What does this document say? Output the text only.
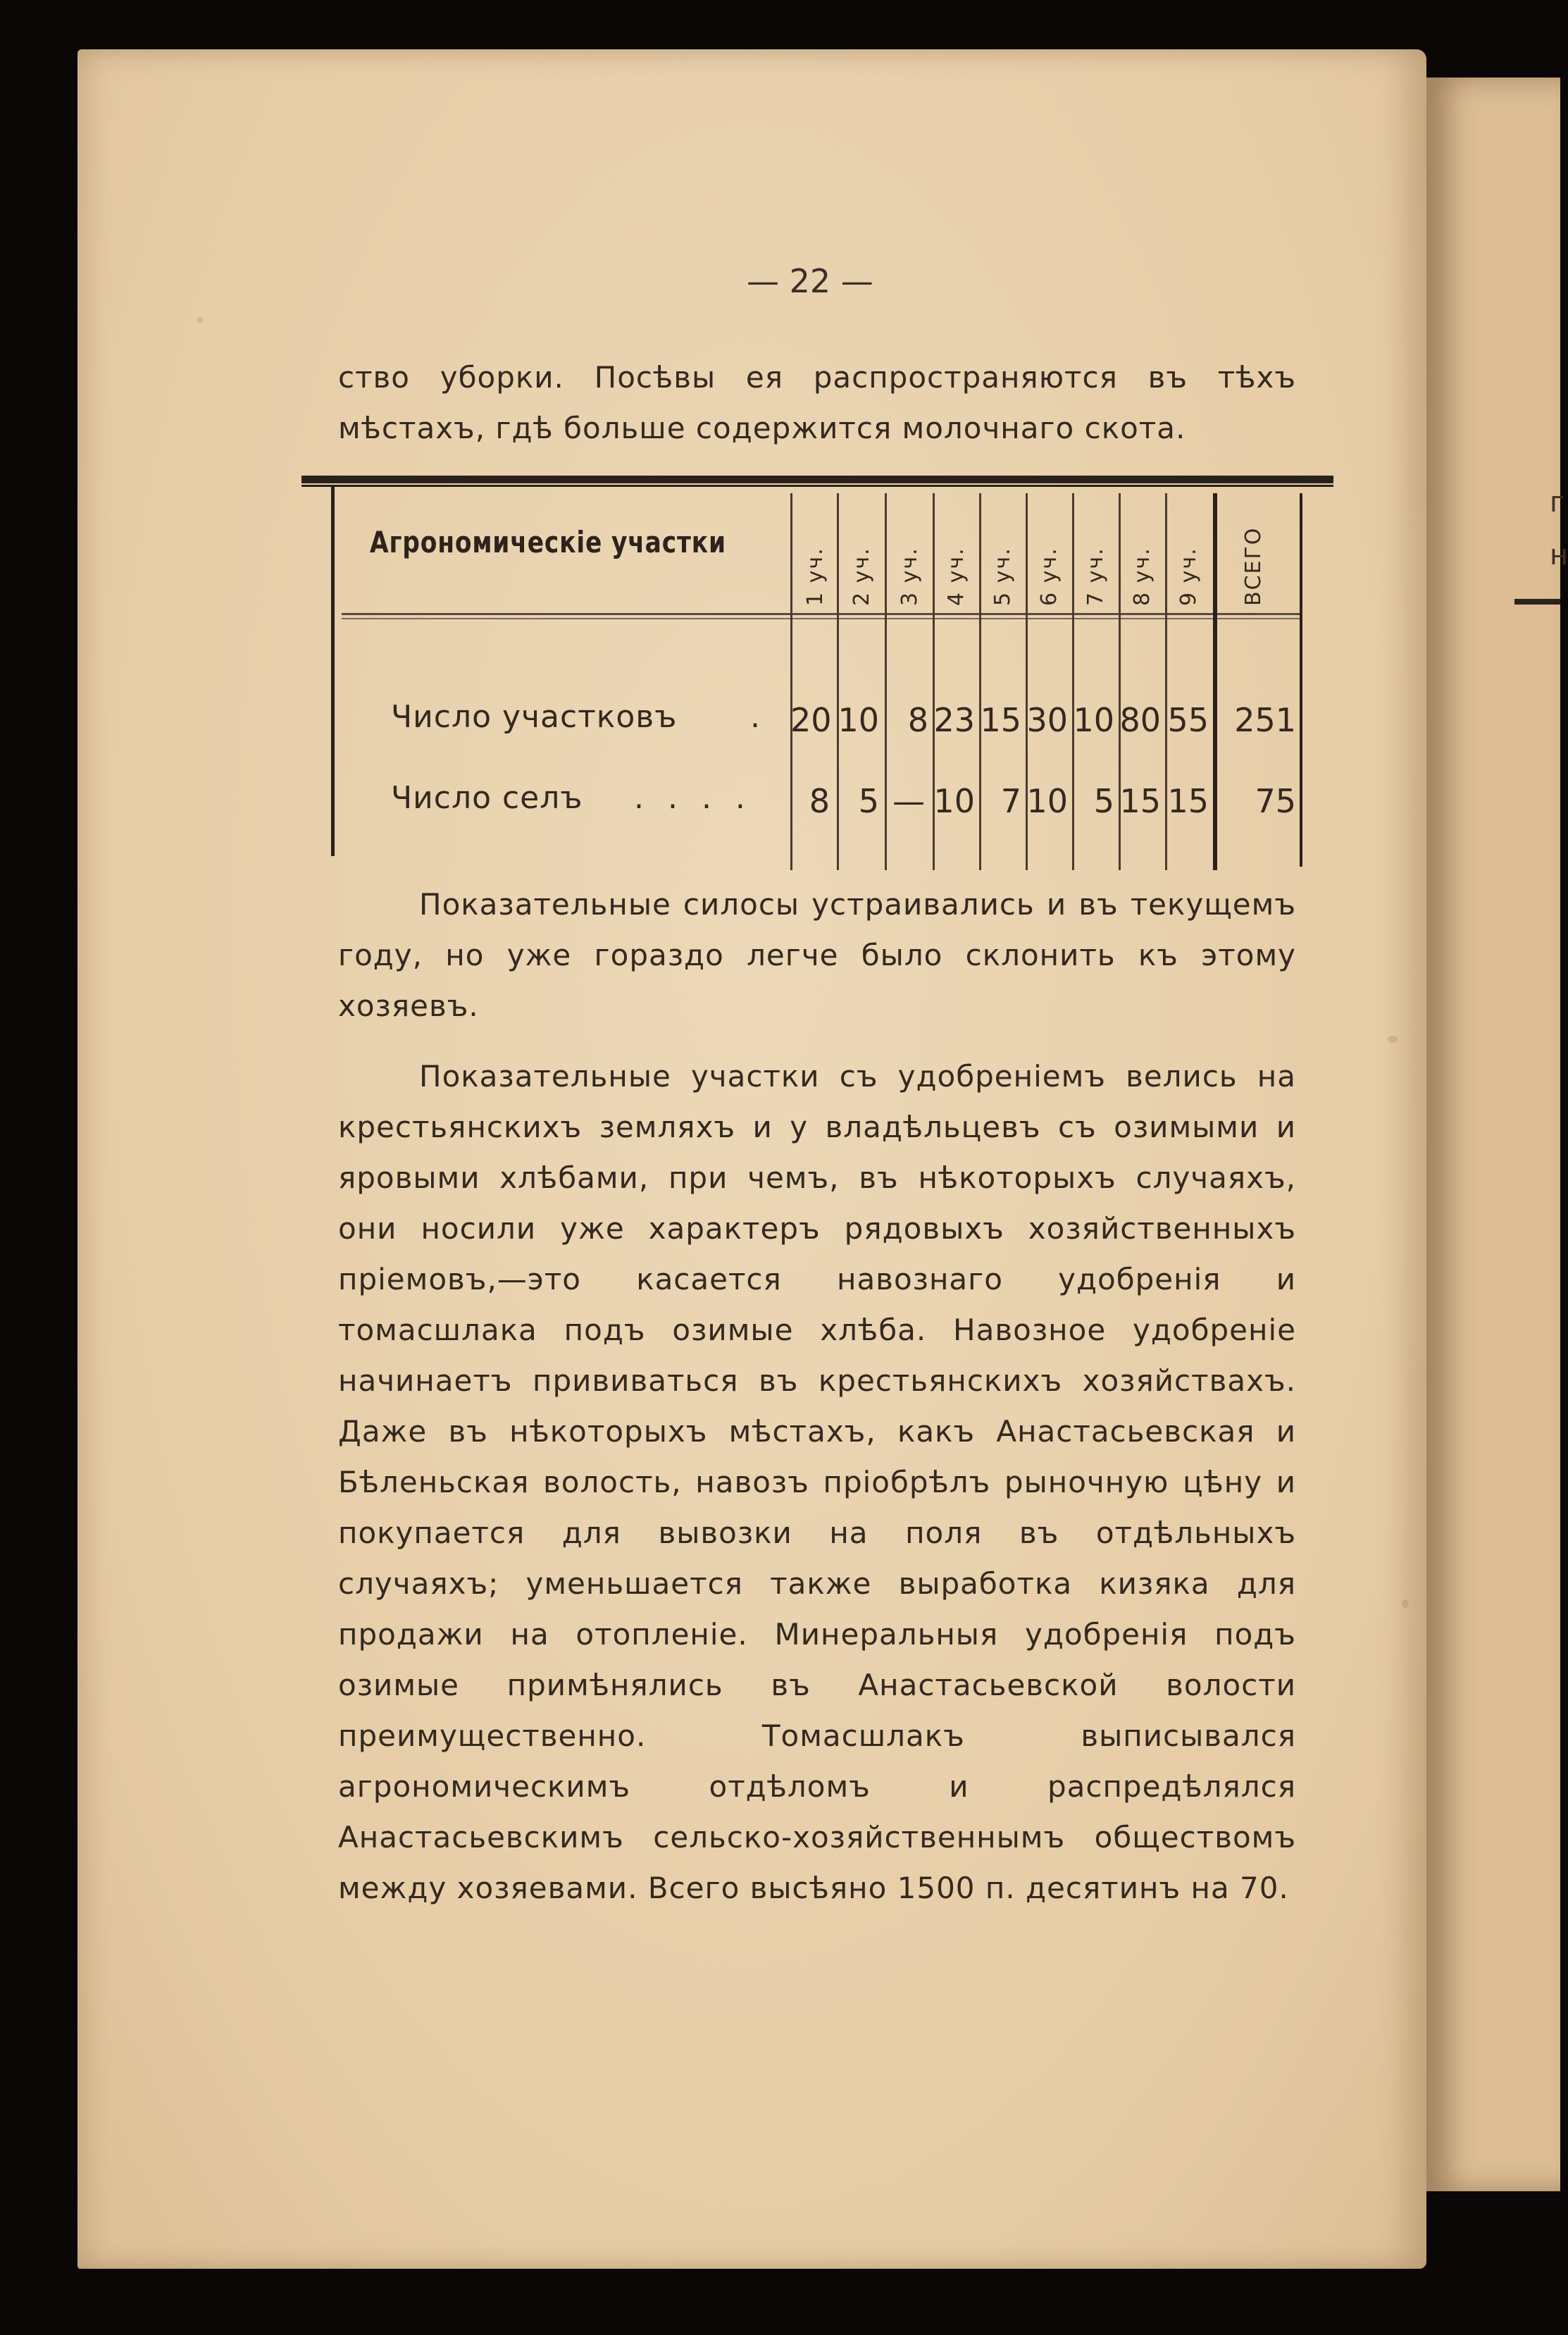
г
н
— 22 —
ство уборки. Посѣвы ея распространяются въ тѣхъ мѣстахъ, гдѣ больше содержится молочнаго скота.
Агрономическіе участки
1 уч. 2 уч. 3 уч. 4 уч. 5 уч. 6 уч. 7 уч. 8 уч. 9 уч. ВСЕГО
Число участковъ . 20 10 8 23 15 30 10 80 55 251
Число селъ . . . .	8 5 — 10 7 10 5 15 15	75
Показательные силосы устраивались и въ текущемъ году, но уже гораздо легче было склонить къ этому хозяевъ.
Показательные участки съ удобреніемъ велись на крестьянскихъ земляхъ и у владѣльцевъ съ озимыми и яровыми хлѣбами, при чемъ, въ нѣкоторыхъ случаяхъ, они носили уже характеръ рядовыхъ хозяйственныхъ пріемовъ,—это касается навознаго удобренія и томасшлака подъ озимые хлѣба. Навозное удобреніе начинаетъ прививаться въ крестьянскихъ хозяйствахъ. Даже въ нѣкоторыхъ мѣстахъ, какъ Анастасьевская и Бѣленьская волость, навозъ пріобрѣлъ рыночную цѣну и покупается для вывозки на поля въ отдѣльныхъ случаяхъ; уменьшается также выработка кизяка для продажи на отопленіе. Минеральныя удобренія подъ озимые примѣнялись въ Анастасьевской волости преимущественно. Томасшлакъ выписывался агрономическимъ отдѣломъ и распредѣлялся Анастасьевскимъ сельско-хозяйственнымъ обществомъ между хозяевами. Всего высѣяно 1500 п. десятинъ на 70.
